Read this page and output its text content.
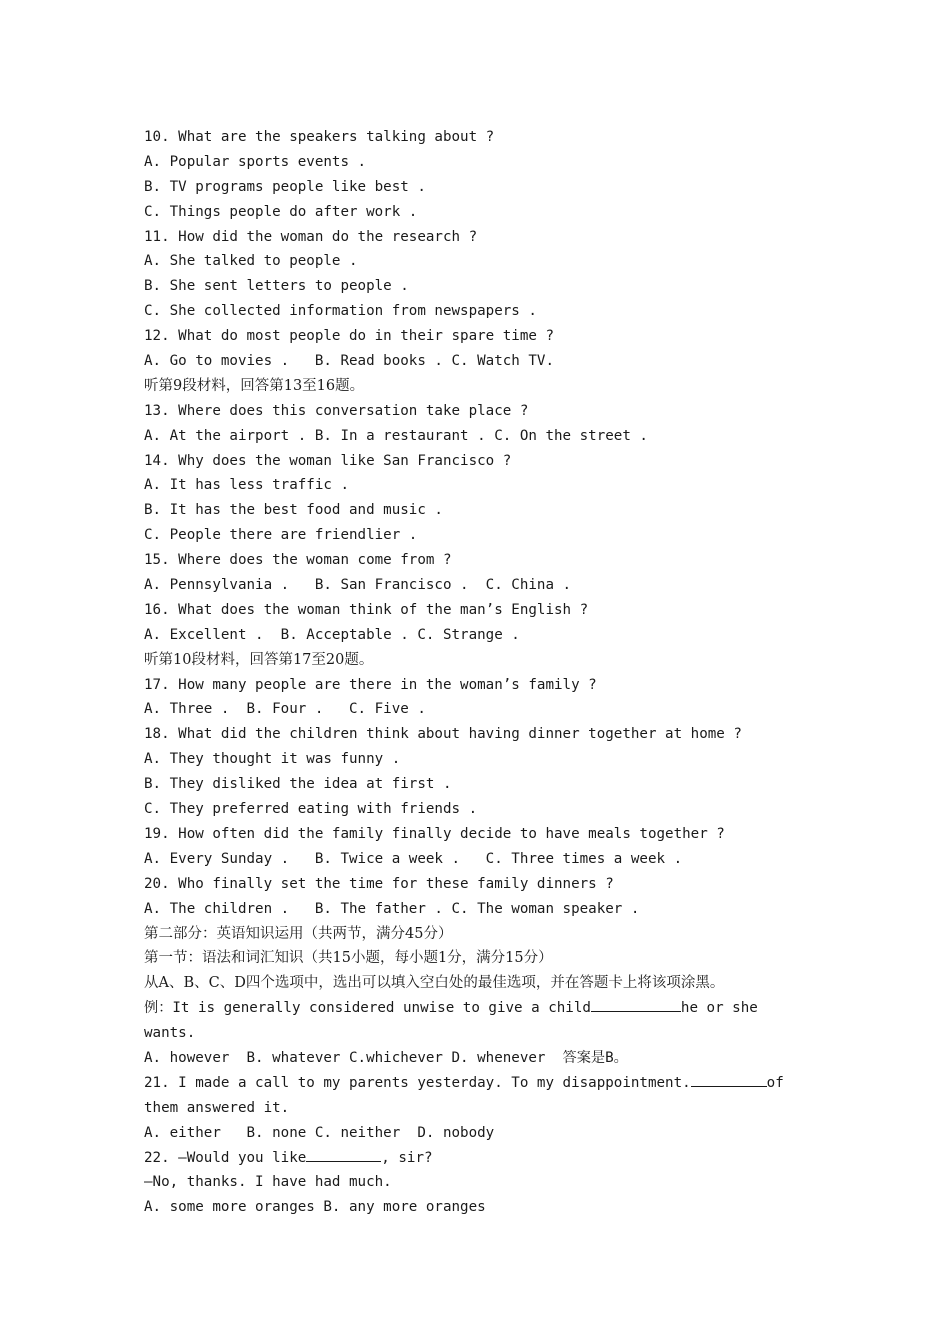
10. What are the speakers talking about ?
A. Popular sports events .
B. TV programs people like best .
C. Things people do after work .
11. How did the woman do the research ?
A. She talked to people .
B. She sent letters to people .
C. She collected information from newspapers .
12. What do most people do in their spare time ?
A. Go to movies .   B. Read books . C. Watch TV.
听第9段材料，回答第13至16题。
13. Where does this conversation take place ?
A. At the airport . B. In a restaurant . C. On the street .
14. Why does the woman like San Francisco ?
A. It has less traffic .
B. It has the best food and music .
C. People there are friendlier .
15. Where does the woman come from ?
A. Pennsylvania .   B. San Francisco .  C. China .
16. What does the woman think of the man’s English ?
A. Excellent .  B. Acceptable . C. Strange .
听第10段材料，回答第17至20题。
17. How many people are there in the woman’s family ?
A. Three .  B. Four .   C. Five .
18. What did the children think about having dinner together at home ?
A. They thought it was funny .
B. They disliked the idea at first .
C. They preferred eating with friends .
19. How often did the family finally decide to have meals together ?
A. Every Sunday .   B. Twice a week .   C. Three times a week .
20. Who finally set the time for these family dinners ?
A. The children .   B. The father . C. The woman speaker .
第二部分：英语知识运用（共两节，满分45分）
第一节：语法和词汇知识（共15小题，每小题1分，满分15分）
从A、B、C、D四个选项中，选出可以填入空白处的最佳选项，并在答题卡上将该项涂黑。
例：It is generally considered unwise to give a child	he or she
wants.
A. however  B. whatever C.whichever D. whenever  答案是B。
21. I made a call to my parents yesterday. To my disappointment.	of
them answered it.
A. either   B. none C. neither  D. nobody
22. —Would you like	, sir?
—No, thanks. I have had much.
A. some more oranges B. any more oranges
